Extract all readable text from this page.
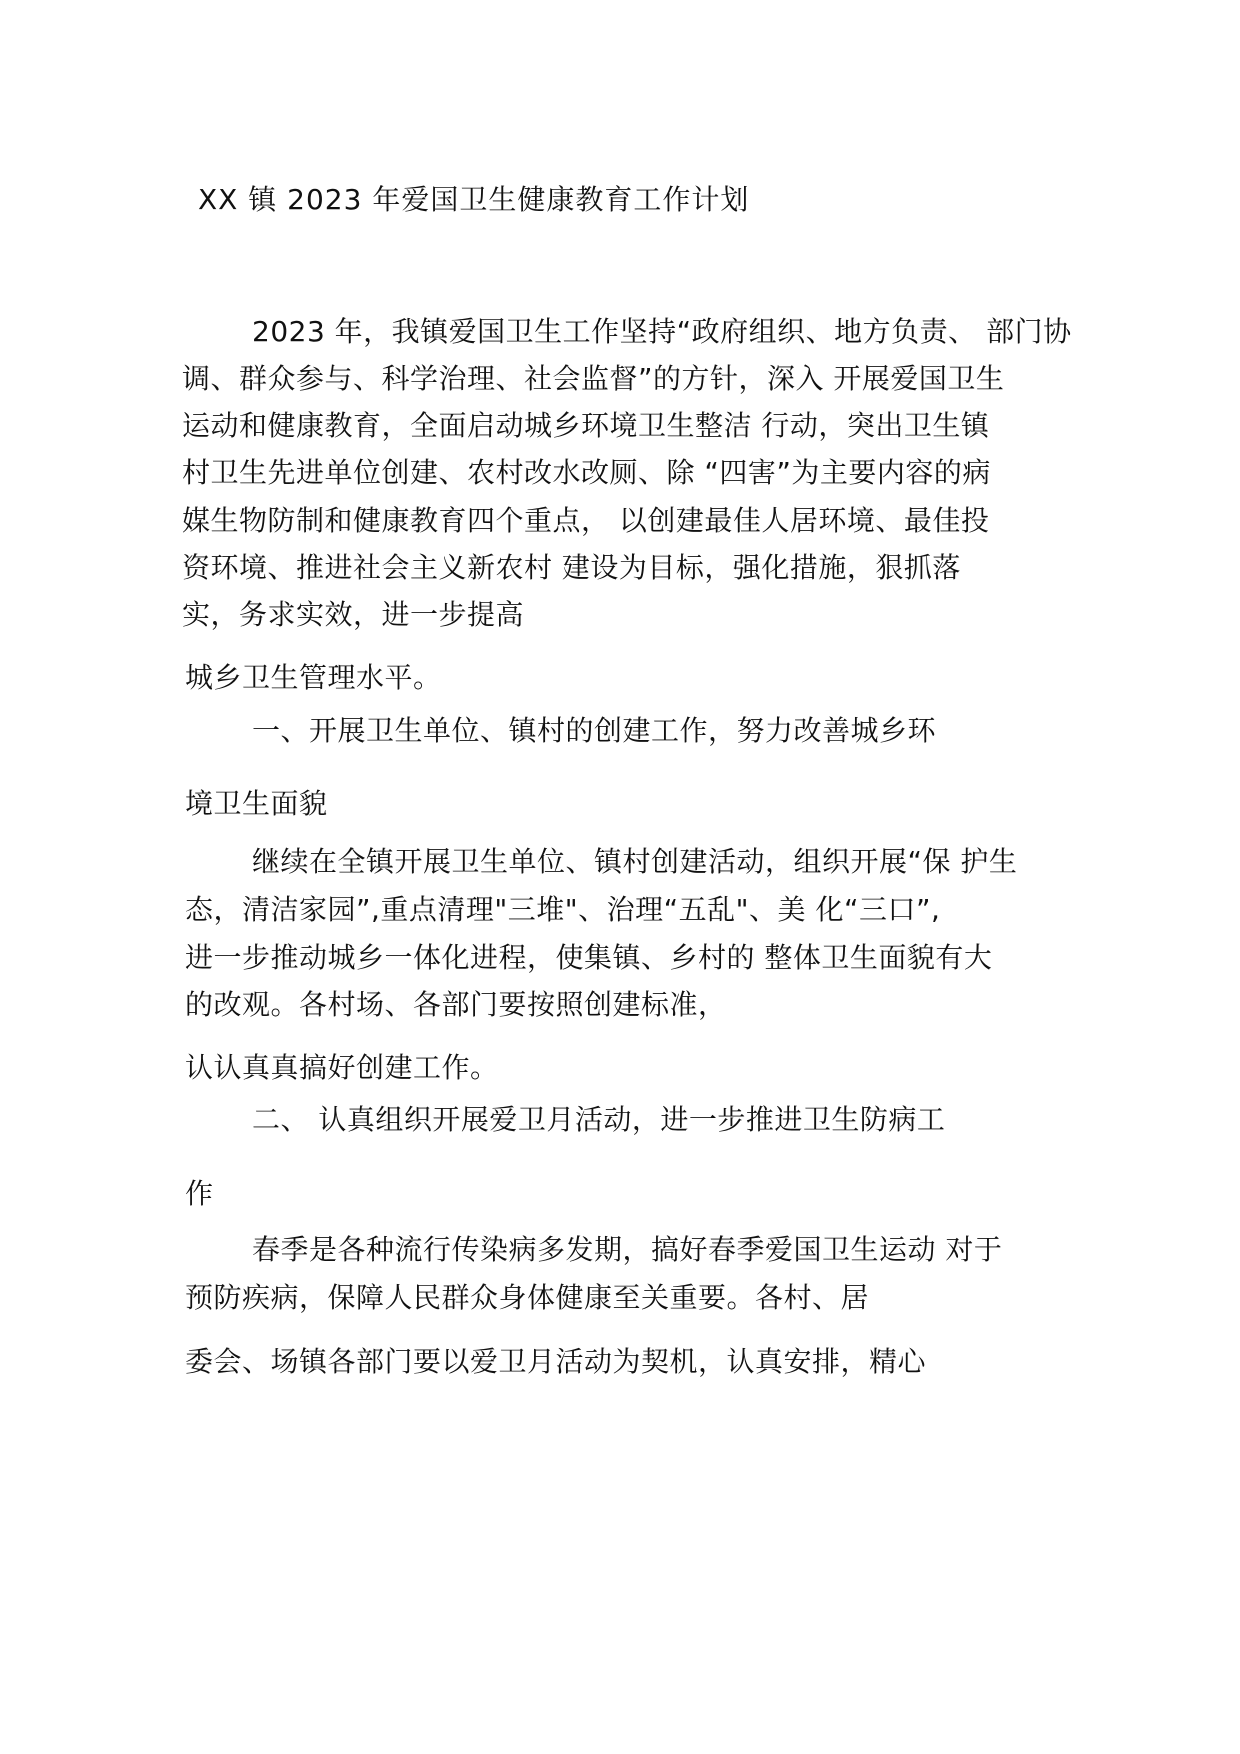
XX 镇 2023 年爱国卫生健康教育工作计划
2023 年，我镇爱国卫生工作坚持“政府组织、地方负责、 部门协
调、群众参与、科学治理、社会监督”的方针，深入 开展爱国卫生
运动和健康教育，全面启动城乡环境卫生整洁 行动，突出卫生镇
村卫生先进单位创建、农村改水改厕、除 “四害”为主要内容的病
媒生物防制和健康教育四个重点， 以创建最佳人居环境、最佳投
资环境、推进社会主义新农村 建设为目标，强化措施，狠抓落
实，务求实效，进一步提高
城乡卫生管理水平。
一、开展卫生单位、镇村的创建工作，努力改善城乡环
境卫生面貌
继续在全镇开展卫生单位、镇村创建活动，组织开展“保 护生
态，清洁家园”,重点清理"三堆"、治理“五乱"、美 化“三口”,
进一步推动城乡一体化进程，使集镇、乡村的 整体卫生面貌有大
的改观。各村场、各部门要按照创建标准，
认认真真搞好创建工作。
二、 认真组织开展爱卫月活动，进一步推进卫生防病工
作
春季是各种流行传染病多发期，搞好春季爱国卫生运动 对于
预防疾病，保障人民群众身体健康至关重要。各村、居
委会、场镇各部门要以爱卫月活动为契机，认真安排，精心
